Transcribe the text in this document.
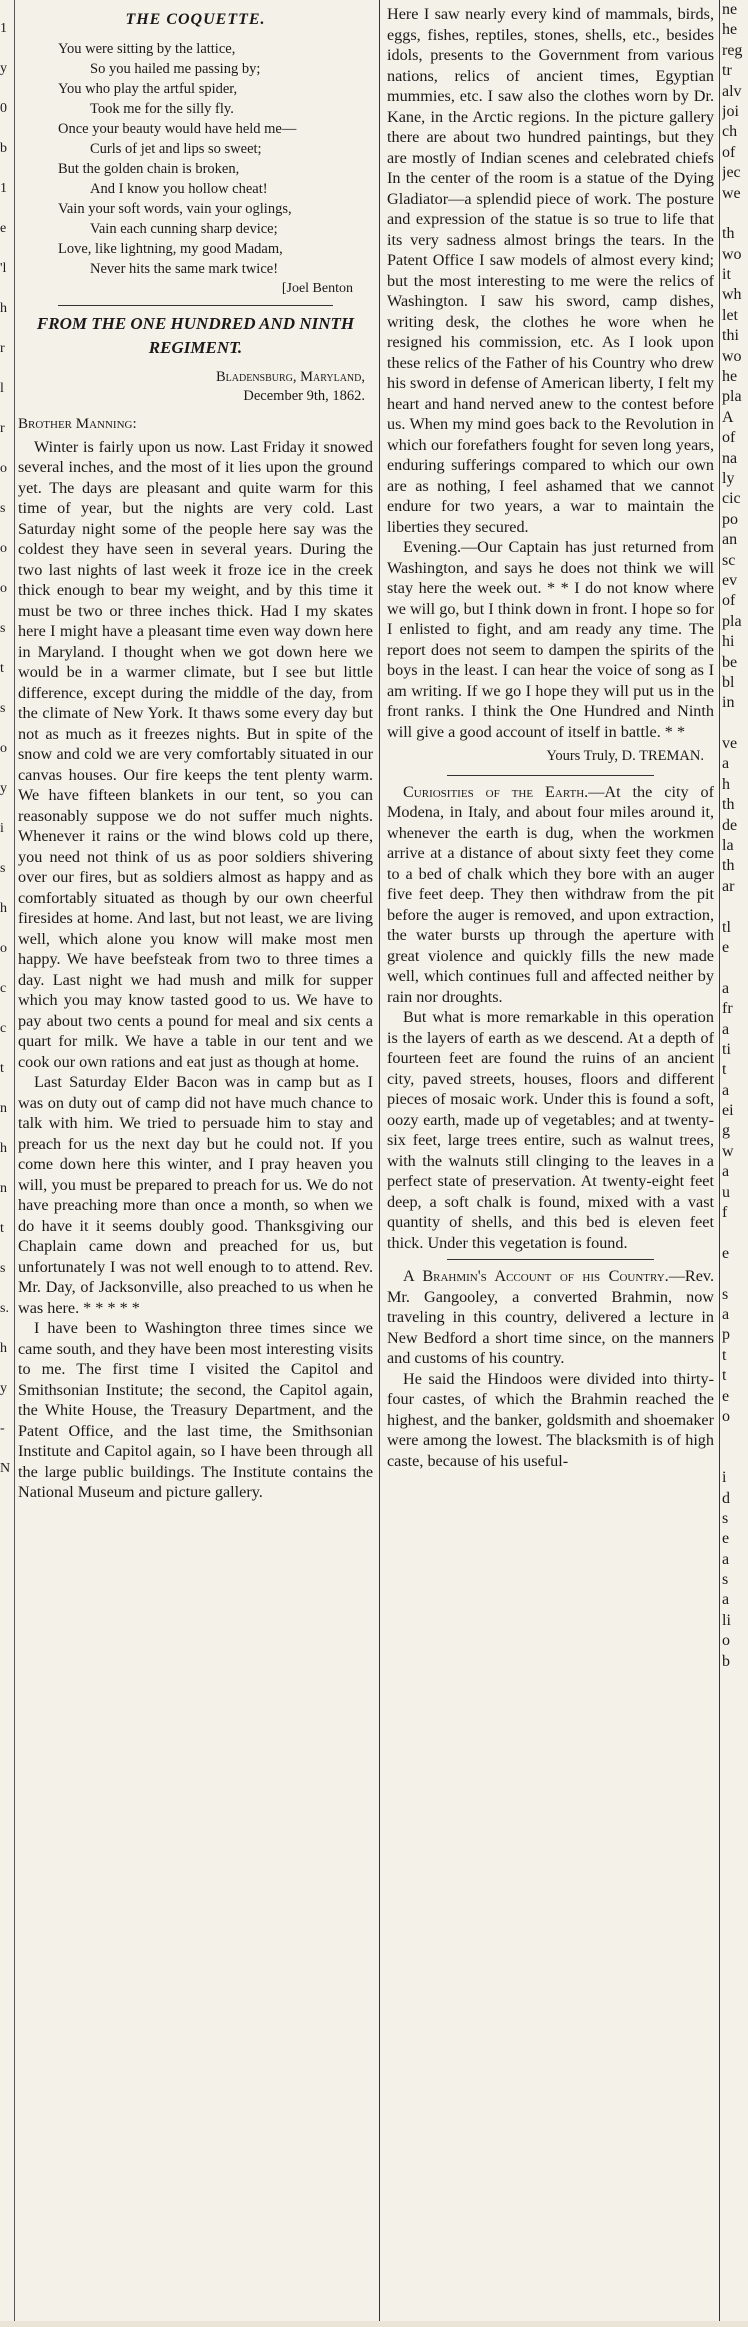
1
y
0
b
1
e
'l
h
r
l
r
o
s
o
o
s
t
s
o
y
i
s
h
o
c
c
t
n
h
n
t
s
s.
h
y
-
N
THE COQUETTE.

You were sitting by the lattice,

So you hailed me passing by;

You who play the artful spider,

Took me for the silly fly.

Once your beauty would have held me—

Curls of jet and lips so sweet;

But the golden chain is broken,

And I know you hollow cheat!

Vain your soft words, vain your oglings,

Vain each cunning sharp device;

Love, like lightning, my good Madam,

Never hits the same mark twice!

[Joel Benton
FROM THE ONE HUNDRED AND NINTH REGIMENT.
Bladensburg, Maryland,
December 9th, 1862.
Brother Manning:

Winter is fairly upon us now. Last Friday it snowed several inches, and the most of it lies upon the ground yet. The days are pleasant and quite warm for this time of year, but the nights are very cold. Last Saturday night some of the people here say was the coldest they have seen in several years. During the two last nights of last week it froze ice in the creek thick enough to bear my weight, and by this time it must be two or three inches thick. Had I my skates here I might have a pleasant time even way down here in Maryland. I thought when we got down here we would be in a warmer climate, but I see but little difference, except during the middle of the day, from the climate of New York. It thaws some every day but not as much as it freezes nights. But in spite of the snow and cold we are very comfortably situated in our canvas houses. Our fire keeps the tent plenty warm. We have fifteen blankets in our tent, so you can reasonably suppose we do not suffer much nights. Whenever it rains or the wind blows cold up there, you need not think of us as poor soldiers shivering over our fires, but as soldiers almost as happy and as comfortably situated as though by our own cheerful firesides at home. And last, but not least, we are living well, which alone you know will make most men happy. We have beefsteak from two to three times a day. Last night we had mush and milk for supper which you may know tasted good to us. We have to pay about two cents a pound for meal and six cents a quart for milk. We have a table in our tent and we cook our own rations and eat just as though at home.

Last Saturday Elder Bacon was in camp but as I was on duty out of camp did not have much chance to talk with him. We tried to persuade him to stay and preach for us the next day but he could not. If you come down here this winter, and I pray heaven you will, you must be prepared to preach for us. We do not have preaching more than once a month, so when we do have it it seems doubly good. Thanksgiving our Chaplain came down and preached for us, but unfortunately I was not well enough to to attend. Rev. Mr. Day, of Jacksonville, also preached to us when he was here. * * * * *

I have been to Washington three times since we came south, and they have been most interesting visits to me. The first time I visited the Capitol and Smithsonian Institute; the second, the Capitol again, the White House, the Treasury Department, and the Patent Office, and the last time, the Smithsonian Institute and Capitol again, so I have been through all the large public buildings. The Institute contains the National Museum and picture gallery.

Here I saw nearly every kind of mammals, birds, eggs, fishes, reptiles, stones, shells, etc., besides idols, presents to the Government from various nations, relics of ancient times, Egyptian mummies, etc. I saw also the clothes worn by Dr. Kane, in the Arctic regions. In the picture gallery there are about two hundred paintings, but they are mostly of Indian scenes and celebrated chiefs In the center of the room is a statue of the Dying Gladiator—a splendid piece of work. The posture and expression of the statue is so true to life that its very sadness almost brings the tears. In the Patent Office I saw models of almost every kind; but the most interesting to me were the relics of Washington. I saw his sword, camp dishes, writing desk, the clothes he wore when he resigned his commission, etc. As I look upon these relics of the Father of his Country who drew his sword in defense of American liberty, I felt my heart and hand nerved anew to the contest before us. When my mind goes back to the Revolution in which our forefathers fought for seven long years, enduring sufferings compared to which our own are as nothing, I feel ashamed that we cannot endure for two years, a war to maintain the liberties they secured.

Evening.—Our Captain has just returned from Washington, and says he does not think we will stay here the week out. * * I do not know where we will go, but I think down in front. I hope so for I enlisted to fight, and am ready any time. The report does not seem to dampen the spirits of the boys in the least. I can hear the voice of song as I am writing. If we go I hope they will put us in the front ranks. I think the One Hundred and Ninth will give a good account of itself in battle. * *

Yours Truly, D. TREMAN.

Curiosities of the Earth.—At the city of Modena, in Italy, and about four miles around it, whenever the earth is dug, when the workmen arrive at a distance of about sixty feet they come to a bed of chalk which they bore with an auger five feet deep. They then withdraw from the pit before the auger is removed, and upon extraction, the water bursts up through the aperture with great violence and quickly fills the new made well, which continues full and affected neither by rain nor droughts.

But what is more remarkable in this operation is the layers of earth as we descend. At a depth of fourteen feet are found the ruins of an ancient city, paved streets, houses, floors and different pieces of mosaic work. Under this is found a soft, oozy earth, made up of vegetables; and at twenty-six feet, large trees entire, such as walnut trees, with the walnuts still clinging to the leaves in a perfect state of preservation. At twenty-eight feet deep, a soft chalk is found, mixed with a vast quantity of shells, and this bed is eleven feet thick. Under this vegetation is found.

A Brahmin's Account of his Country.—Rev. Mr. Gangooley, a converted Brahmin, now traveling in this country, delivered a lecture in New Bedford a short time since, on the manners and customs of his country.

He said the Hindoos were divided into thirty-four castes, of which the Brahmin reached the highest, and the banker, goldsmith and shoemaker were among the lowest. The blacksmith is of high caste, because of his useful-

ne
he
reg
tr
alv
joi
ch
of
jec
we
th
wo
it
wh
let
thi
wo
he
pla
A
of
na
ly
cic
po
an
sc
ev
of
pla
hi
be
bl
in
ve
a
h
th
de
la
th
ar
tl
e
a
fr
a
ti
t
a
ei
g
w
a
u
f
e
s
a
p
t
t
e
o
i
d
s
e
a
s
a
li
o
b
